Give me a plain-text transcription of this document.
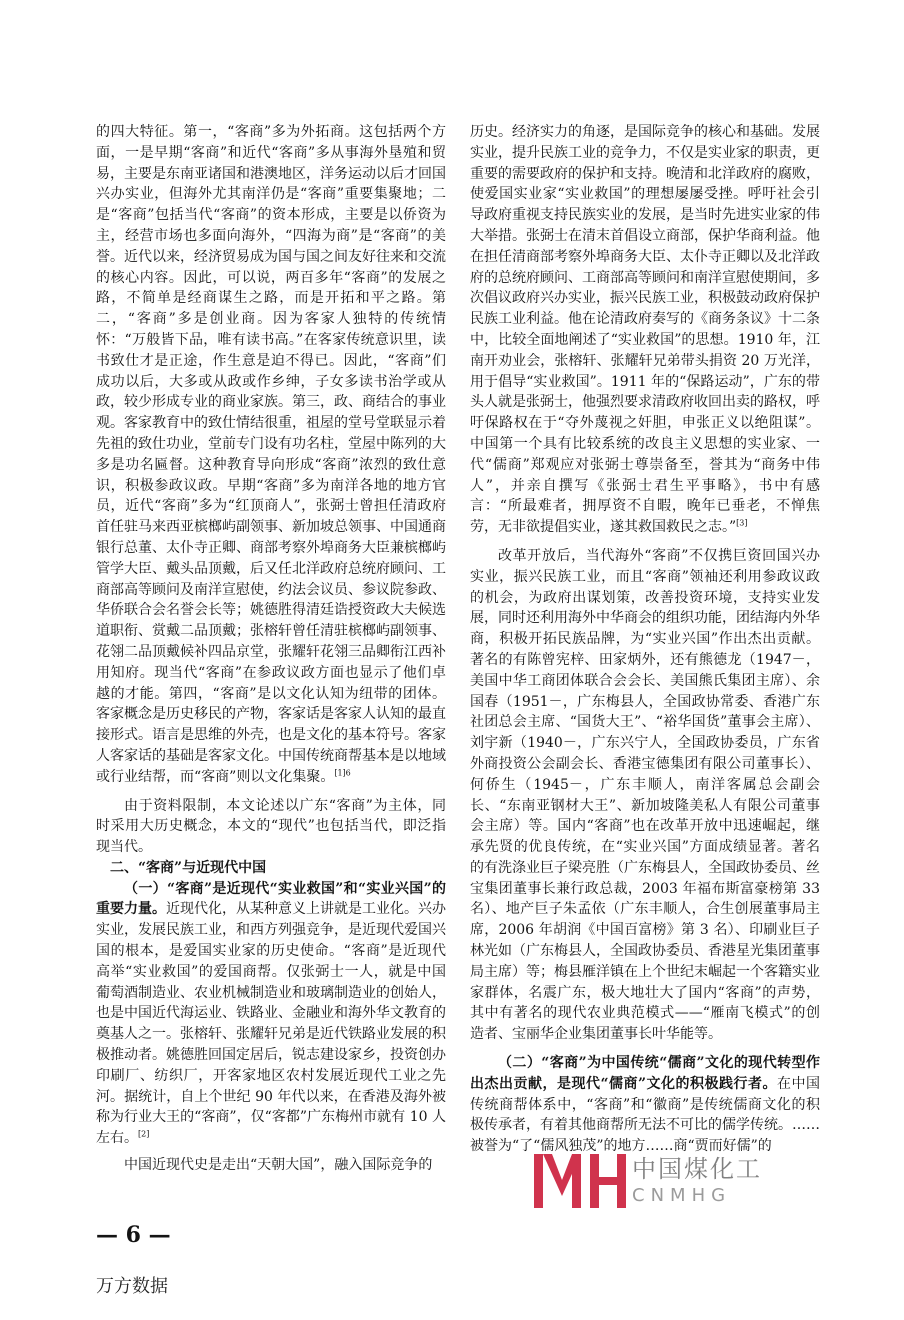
的四大特征。第一，“客商”多为外拓商。这包括两个方面，一是早期“客商”和近代“客商”多从事海外垦殖和贸易，主要是东南亚诸国和港澳地区，洋务运动以后才回国兴办实业，但海外尤其南洋仍是“客商”重要集聚地；二是“客商”包括当代“客商”的资本形成，主要是以侨资为主，经营市场也多面向海外，“四海为商”是“客商”的美誉。近代以来，经济贸易成为国与国之间友好往来和交流的核心内容。因此，可以说，两百多年“客商”的发展之路，不简单是经商谋生之路，而是开拓和平之路。第二，“客商”多是创业商。因为客家人独特的传统情怀：“万般皆下品，唯有读书高。”在客家传统意识里，读书致仕才是正途，作生意是迫不得已。因此，“客商”们成功以后，大多或从政或作乡绅，子女多读书治学或从政，较少形成专业的商业家族。第三，政、商结合的事业观。客家教育中的致仕情结很重，祖屋的堂号堂联显示着先祖的致仕功业，堂前专门设有功名柱，堂屋中陈列的大多是功名匾督。这种教育导向形成“客商”浓烈的致仕意识，积极参政议政。早期“客商”多为南洋各地的地方官员，近代“客商”多为“红顶商人”，张弼士曾担任清政府首任驻马来西亚槟榔屿副领事、新加坡总领事、中国通商银行总董、太仆寺正卿、商部考察外埠商务大臣兼槟榔屿管学大臣、戴头品顶戴，后又任北洋政府总统府顾问、工商部高等顾问及南洋宣慰使，约法会议员、参议院参政、华侨联合会名誉会长等；姚德胜得清廷诰授资政大夫候选道职衔、赏戴二品顶戴；张榕轩曾任清驻槟榔屿副领事、花翎二品顶戴候补四品京堂，张耀轩花翎三品卿衔江西补用知府。现当代“客商”在参政议政方面也显示了他们卓越的才能。第四，“客商”是以文化认知为纽带的团体。客家概念是历史移民的产物，客家话是客家人认知的最直接形式。语言是思维的外壳，也是文化的基本符号。客家人客家话的基础是客家文化。中国传统商帮基本是以地域或行业结帮，而“客商”则以文化集聚。$^{[1]6}$

由于资料限制，本文论述以广东“客商”为主体，同时采用大历史概念，本文的“现代”也包括当代，即泛指现当代。

二、“客商”与近现代中国

（一）“客商”是近现代“实业救国”和“实业兴国”的重要力量。近现代化，从某种意义上讲就是工业化。兴办实业，发展民族工业，和西方列强竞争，是近现代爱国兴国的根本，是爱国实业家的历史使命。“客商”是近现代高举“实业救国”的爱国商帮。仅张弼士一人，就是中国葡萄酒制造业、农业机械制造业和玻璃制造业的创始人，也是中国近代海运业、铁路业、金融业和海外华文教育的奠基人之一。张榕轩、张耀轩兄弟是近代铁路业发展的积极推动者。姚德胜回国定居后，锐志建设家乡，投资创办印刷厂、纺织厂，开客家地区农村发展近现代工业之先河。据统计，自上个世纪 90 年代以来，在香港及海外被称为行业大王的“客商”，仅“客都”广东梅州市就有 10 人左右。[2]

中国近现代史是走出“天朝大国”，融入国际竞争的

历史。经济实力的角逐，是国际竞争的核心和基础。发展实业，提升民族工业的竞争力，不仅是实业家的职责，更重要的需要政府的保护和支持。晚清和北洋政府的腐败，使爱国实业家“实业救国”的理想屡屡受挫。呼吁社会引导政府重视支持民族实业的发展，是当时先进实业家的伟大举措。张弼士在清末首倡设立商部，保护华商利益。他在担任清商部考察外埠商务大臣、太仆寺正卿以及北洋政府的总统府顾问、工商部高等顾问和南洋宣慰使期间，多次倡议政府兴办实业，振兴民族工业，积极鼓动政府保护民族工业利益。他在论清政府奏写的《商务条议》十二条中，比较全面地阐述了“实业救国”的思想。1910 年，江南开劝业会，张榕轩、张耀轩兄弟带头捐资 20 万光洋，用于倡导“实业救国”。1911 年的“保路运动”，广东的带头人就是张弼士，他强烈要求清政府收回出卖的路权，呼吁保路权在于“夺外蔑视之奸胆，申张正义以绝阻谋”。中国第一个具有比较系统的改良主义思想的实业家、一代“儒商”郑观应对张弼士尊崇备至，誉其为“商务中伟人”，并亲自撰写《张弼士君生平事略》，书中有感言：“所最难者，拥厚资不自暇，晚年已垂老，不惮焦劳，无非欲提倡实业，遂其救国救民之志。”[3]

改革开放后，当代海外“客商”不仅携巨资回国兴办实业，振兴民族工业，而且“客商”领袖还利用参政议政的机会，为政府出谋划策，改善投资环境，支持实业发展，同时还利用海外中华商会的组织功能，团结海内外华商，积极开拓民族品牌，为“实业兴国”作出杰出贡献。著名的有陈曾宪梓、田家炳外，还有熊德龙（1947－，美国中华工商团体联合会会长、美国熊氏集团主席）、余国春（1951－，广东梅县人，全国政协常委、香港广东社团总会主席、“国货大王”、“裕华国货”董事会主席）、刘宇新（1940－，广东兴宁人，全国政协委员，广东省外商投资公会副会长、香港宝德集团有限公司董事长）、何侨生（1945－，广东丰顺人，南洋客属总会副会长、“东南亚钢材大王”、新加坡隆美私人有限公司董事会主席）等。国内“客商”也在改革开放中迅速崛起，继承先贤的优良传统，在“实业兴国”方面成绩显著。著名的有洗涤业巨子梁亮胜（广东梅县人，全国政协委员、丝宝集团董事长兼行政总裁，2003 年福布斯富豪榜第 33 名）、地产巨子朱孟依（广东丰顺人，合生创展董事局主席，2006 年胡润《中国百富榜》第 3 名）、印刷业巨子林光如（广东梅县人，全国政协委员、香港星光集团董事局主席）等；梅县雁洋镇在上个世纪末崛起一个客籍实业家群体，名震广东，极大地壮大了国内“客商”的声势，其中有著名的现代农业典范模式——“雁南飞模式”的创造者、宝丽华企业集团董事长叶华能等。

（二）“客商”为中国传统“儒商”文化的现代转型作出杰出贡献，是现代“儒商”文化的积极践行者。在中国传统商帮体系中，“客商”和“徽商”是传统儒商文化的积极传承者，有着其他商帮所无法不可比的儒学传统。……被誉为“了“儒风独茂”的地方……商“贾而好儒”的

中国煤化工
CNMHG
— 6 —
万方数据
